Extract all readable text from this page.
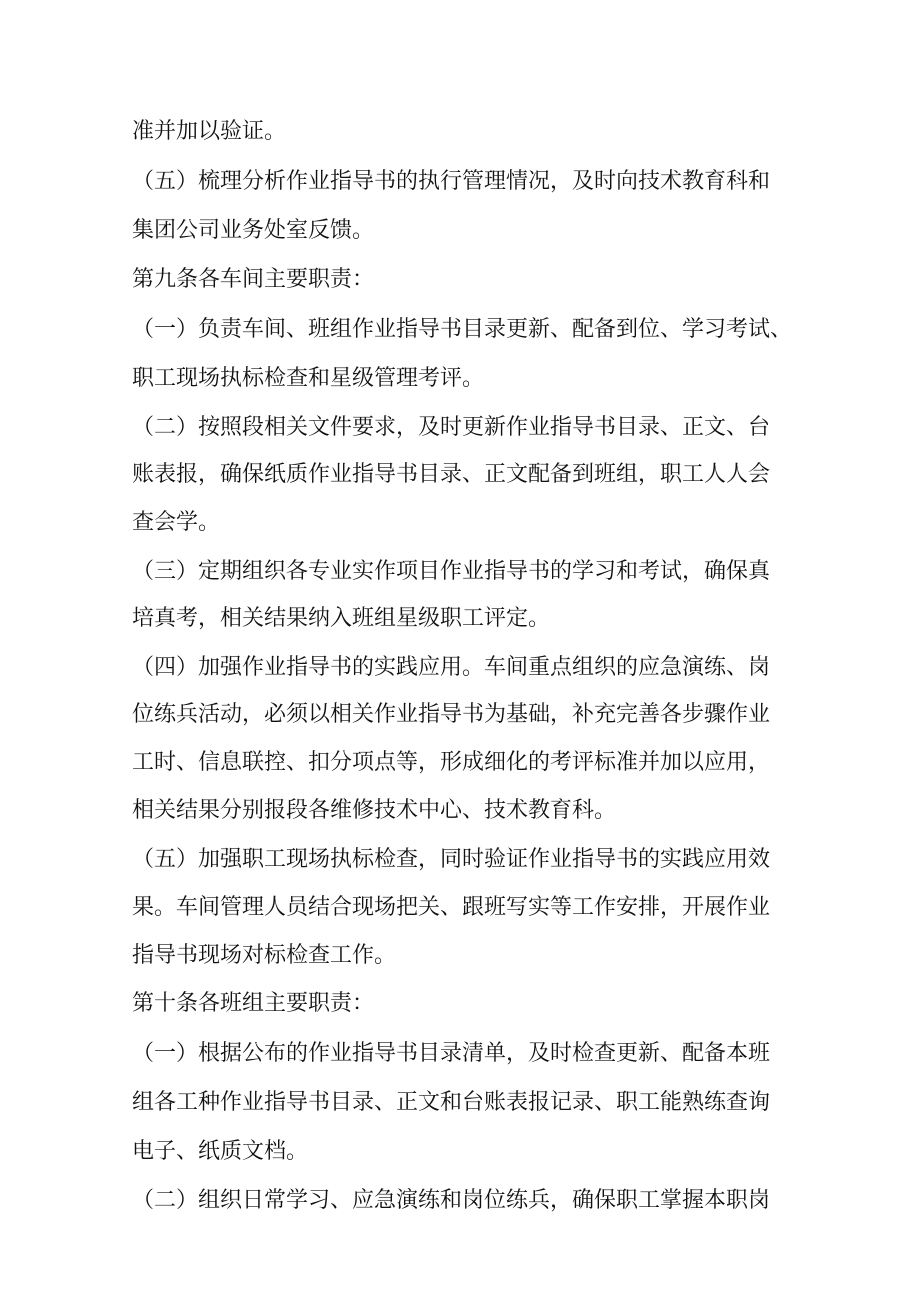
准并加以验证。
（五）梳理分析作业指导书的执行管理情况，及时向技术教育科和
集团公司业务处室反馈。
第九条各车间主要职责：
（一）负责车间、班组作业指导书目录更新、配备到位、学习考试、
职工现场执标检查和星级管理考评。
（二）按照段相关文件要求，及时更新作业指导书目录、正文、台
账表报，确保纸质作业指导书目录、正文配备到班组，职工人人会
查会学。
（三）定期组织各专业实作项目作业指导书的学习和考试，确保真
培真考，相关结果纳入班组星级职工评定。
（四）加强作业指导书的实践应用。车间重点组织的应急演练、岗
位练兵活动，必须以相关作业指导书为基础，补充完善各步骤作业
工时、信息联控、扣分项点等，形成细化的考评标准并加以应用，
相关结果分别报段各维修技术中心、技术教育科。
（五）加强职工现场执标检查，同时验证作业指导书的实践应用效
果。车间管理人员结合现场把关、跟班写实等工作安排，开展作业
指导书现场对标检查工作。
第十条各班组主要职责：
（一）根据公布的作业指导书目录清单，及时检查更新、配备本班
组各工种作业指导书目录、正文和台账表报记录、职工能熟练查询
电子、纸质文档。
（二）组织日常学习、应急演练和岗位练兵，确保职工掌握本职岗
